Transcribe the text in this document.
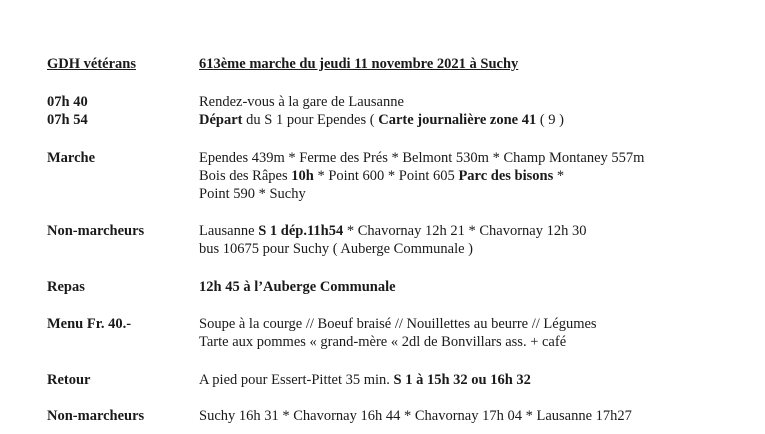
GDH vétérans	613ème marche du jeudi 11 novembre 2021 à Suchy
07h 40	Rendez-vous à la gare de Lausanne
07h 54	Départ du S 1 pour Ependes ( Carte journalière zone 41 ( 9 )
Marche	Ependes 439m * Ferme des Prés * Belmont 530m * Champ Montaney 557m
Bois des Râpes 10h * Point 600 * Point 605 Parc des bisons *
Point 590 * Suchy
Non-marcheurs	Lausanne S 1 dép.11h54 * Chavornay 12h 21 * Chavornay 12h 30
bus 10675 pour Suchy ( Auberge Communale )
Repas	12h 45 à l’Auberge Communale
Menu Fr. 40.-	Soupe à la courge // Boeuf braisé // Nouillettes au beurre // Légumes
Tarte aux pommes « grand-mère « 2dl de Bonvillars ass. + café
Retour	A pied pour Essert-Pittet 35 min. S 1 à 15h 32 ou 16h 32
Non-marcheurs	Suchy 16h 31 * Chavornay 16h 44 * Chavornay 17h 04 * Lausanne 17h27
